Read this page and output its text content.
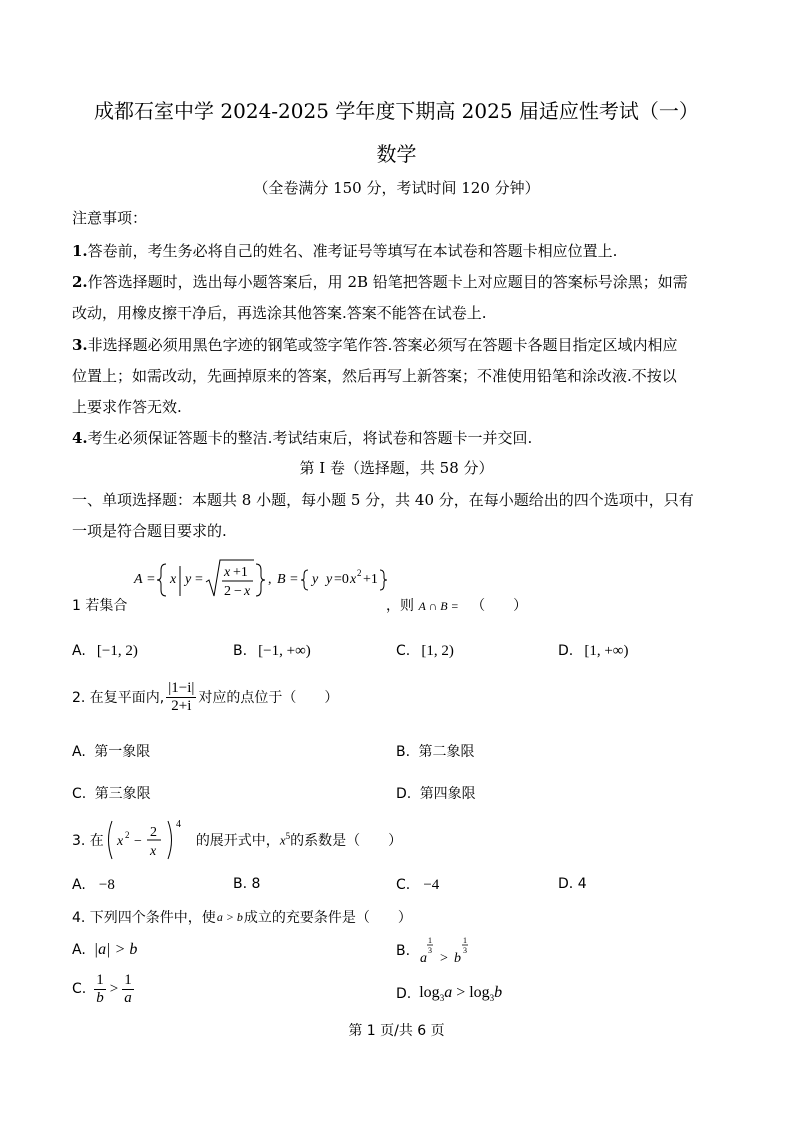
成都石室中学 2024-2025 学年度下期高 2025 届适应性考试（一）
数学
（全卷满分 150 分，考试时间 120 分钟）
注意事项：
1.答卷前，考生务必将自己的姓名、准考证号等填写在本试卷和答题卡相应位置上.
2.作答选择题时，选出每小题答案后，用 2B 铅笔把答题卡上对应题目的答案标号涂黑；如需
改动，用橡皮擦干净后，再选涂其他答案.答案不能答在试卷上.
3.非选择题必须用黑色字迹的钢笔或签字笔作答.答案必须写在答题卡各题目指定区域内相应
位置上；如需改动，先画掉原来的答案，然后再写上新答案；不准使用铅笔和涂改液.不按以
上要求作答无效.
4.考生必须保证答题卡的整洁.考试结束后，将试卷和答题卡一并交回.
第 I 卷（选择题，共 58 分）
一、单项选择题：本题共 8 小题，每小题 5 分，共 40 分，在每小题给出的四个选项中，只有
一项是符合题目要求的.
A = x y = x +1
2 − x
, B = y y =0 x 2 +1
1 若集合	，则 A ∩ B = （　　）
A. [−1, 2)	B. [−1, +∞)	C. [1, 2)	D. [1, +∞)
2. 在复平面内, $\frac{|1-i|}{2+i}$ 对应的点位于（　　）
A. 第一象限	B. 第二象限
C. 第三象限	D. 第四象限
3. 在 x 2 −
2
x
4
的展开式中， $x^5$ 的系数是（　　）
A. −8	B. 8	C. −4	D. 4
4. 下列四个条件中，使 a > b 成立的充要条件是（　　）
A. |a| > b	B. a
1
3
> b
1
3
C. $\frac{1}{b} > \frac{1}{a}$	D. $\log_3a > \log_3b$
第 1 页/共 6 页
